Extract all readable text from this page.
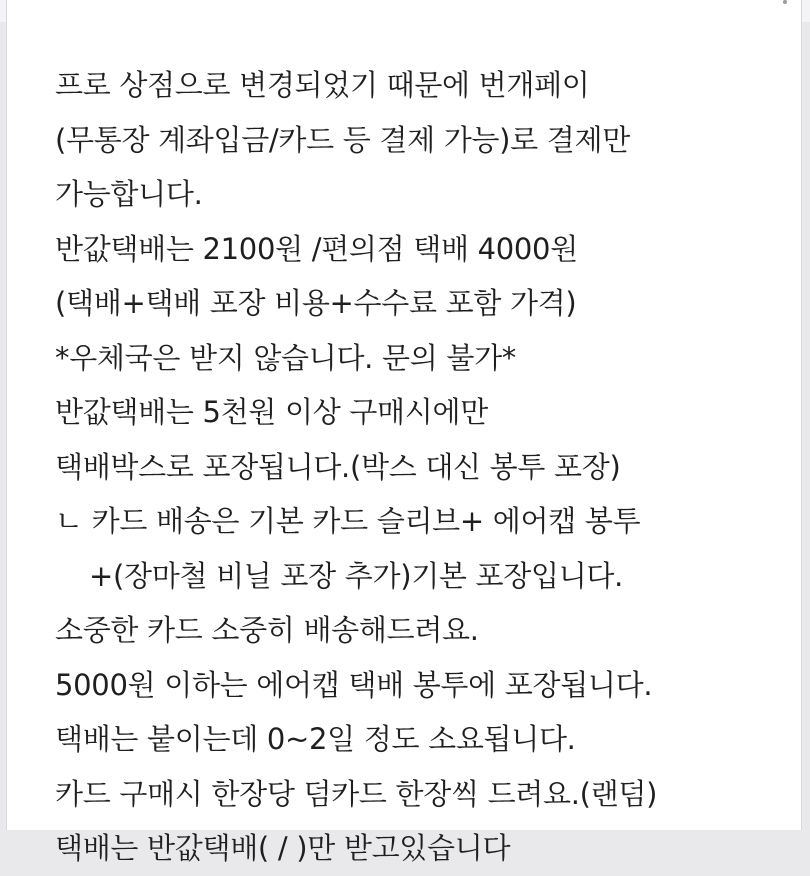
프로 상점으로 변경되었기 때문에 번개페이
(무통장 계좌입금/카드 등 결제 가능)로 결제만
가능합니다.
반값택배는 2100원 /편의점 택배 4000원
(택배+택배 포장 비용+수수료 포함 가격)
*우체국은 받지 않습니다. 문의 불가*
반값택배는 5천원 이상 구매시에만
택배박스로 포장됩니다.(박스 대신 봉투 포장)
ㄴ 카드 배송은 기본 카드 슬리브+ 에어캡 봉투
+(장마철 비닐 포장 추가)기본 포장입니다.
소중한 카드 소중히 배송해드려요.
5000원 이하는 에어캡 택배 봉투에 포장됩니다.
택배는 붙이는데 0~2일 정도 소요됩니다.
카드 구매시 한장당 덤카드 한장씩 드려요.(랜덤)
택배는 반값택배( / )만 받고있습니다
